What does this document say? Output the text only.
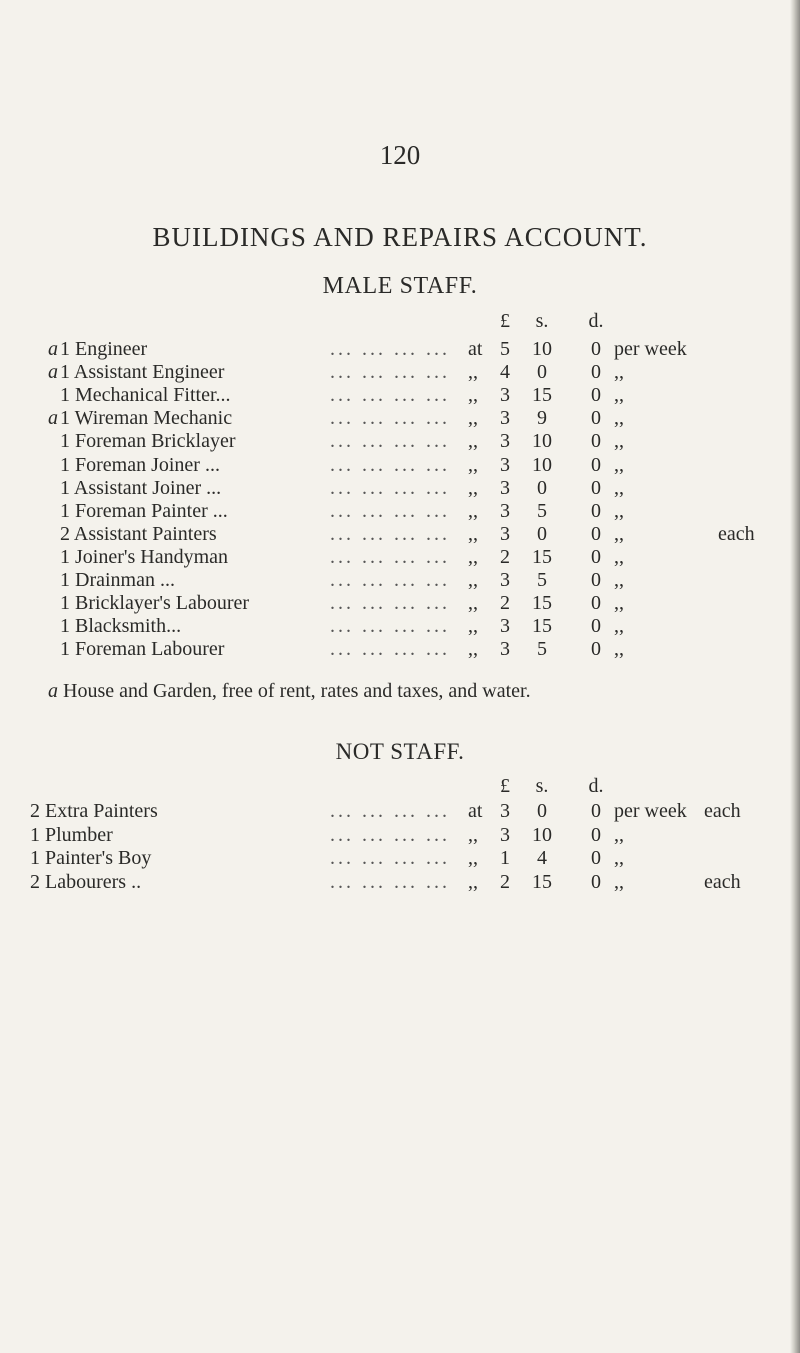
120
BUILDINGS AND REPAIRS ACCOUNT.
MALE STAFF.
£	s.	d.
a 1 Engineer	... ... ... ... at 5	10	0 per week
a 1 Assistant Engineer	... ... ... ... ,,	4	0	0 ,,
1 Mechanical Fitter...	... ... ... ... ,,	3	15	0 ,,
a 1 Wireman Mechanic	... ... ... ... ,,	3	9	0 ,,
1 Foreman Bricklayer	... ... ... ... ,,	3	10	0 ,,
1 Foreman Joiner ...	... ... ... ... ,,	3	10	0 ,,
1 Assistant Joiner ...	... ... ... ... ,,	3	0	0 ,,
1 Foreman Painter ...	... ... ... ... ,,	3	5	0 ,,
2 Assistant Painters	... ... ... ... ,,	3	0	0 ,,	each
1 Joiner's Handyman	... ... ... ... ,,	2	15	0 ,,
1 Drainman ...	... ... ... ... ,,	3	5	0 ,,
1 Bricklayer's Labourer	... ... ... ... ,,	2	15	0 ,,
1 Blacksmith...	... ... ... ... ,,	3	15	0 ,,
1 Foreman Labourer	... ... ... ... ,,	3	5	0 ,,
a House and Garden, free of rent, rates and taxes, and water.
NOT STAFF.
£	s.	d.
2 Extra Painters	... ... ... ... at 3	0	0 per week each
1 Plumber	... ... ... ... ,,	3	10	0 ,,
1 Painter's Boy	... ... ... ... ,,	1	4	0 ,,
2 Labourers ..	... ... ... ... ,,	2	15	0 ,,	each
